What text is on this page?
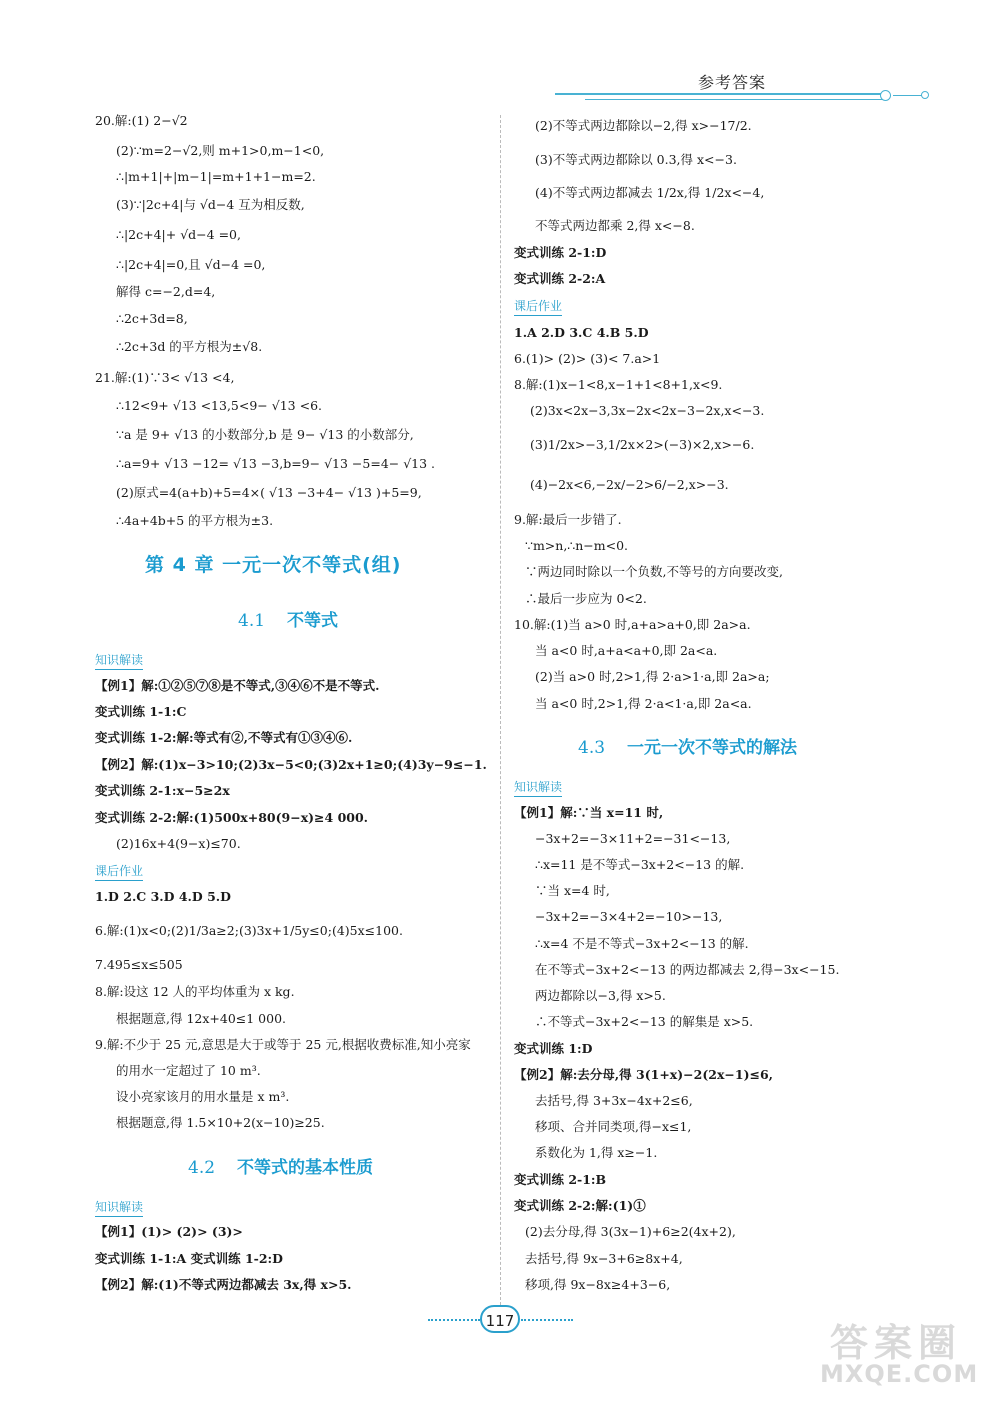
参考答案
20.解:(1) 2−√2
(2)∵m=2−√2,则 m+1>0,m−1<0,
∴|m+1|+|m−1|=m+1+1−m=2.
(3)∵|2c+4|与 √d−4 互为相反数,
∴|2c+4|+ √d−4 =0,
∴|2c+4|=0,且 √d−4 =0,
解得 c=−2,d=4,
∴2c+3d=8,
∴2c+3d 的平方根为±√8.
21.解:(1)∵3< √13 <4,
∴12<9+ √13 <13,5<9− √13 <6.
∵a 是 9+ √13 的小数部分,b 是 9− √13 的小数部分,
∴a=9+ √13 −12= √13 −3,b=9− √13 −5=4− √13 .
(2)原式=4(a+b)+5=4×( √13 −3+4− √13 )+5=9,
∴4a+4b+5 的平方根为±3.
第 4 章 一元一次不等式(组)
4.1 不等式
知识解读
【例1】解:①②⑤⑦⑧是不等式,③④⑥不是不等式.
变式训练 1-1:C
变式训练 1-2:解:等式有②,不等式有①③④⑥.
【例2】解:(1)x−3>10;(2)3x−5<0;(3)2x+1≥0;(4)3y−9≤−1.
变式训练 2-1:x−5≥2x
变式训练 2-2:解:(1)500x+80(9−x)≥4 000.
(2)16x+4(9−x)≤70.
课后作业
1.D 2.C 3.D 4.D 5.D
6.解:(1)x<0;(2)1/3a≥2;(3)3x+1/5y≤0;(4)5x≤100.
7.495≤x≤505
8.解:设这 12 人的平均体重为 x kg.
根据题意,得 12x+40≤1 000.
9.解:不少于 25 元,意思是大于或等于 25 元,根据收费标准,知小亮家
的用水一定超过了 10 m³.
设小亮家该月的用水量是 x m³.
根据题意,得 1.5×10+2(x−10)≥25.
4.2 不等式的基本性质
知识解读
【例1】(1)> (2)> (3)>
变式训练 1-1:A 变式训练 1-2:D
【例2】解:(1)不等式两边都减去 3x,得 x>5.
(2)不等式两边都除以−2,得 x>−17/2.
(3)不等式两边都除以 0.3,得 x<−3.
(4)不等式两边都减去 1/2x,得 1/2x<−4,
不等式两边都乘 2,得 x<−8.
变式训练 2-1:D
变式训练 2-2:A
课后作业
1.A 2.D 3.C 4.B 5.D
6.(1)> (2)> (3)< 7.a>1
8.解:(1)x−1<8,x−1+1<8+1,x<9.
(2)3x<2x−3,3x−2x<2x−3−2x,x<−3.
(3)1/2x>−3,1/2x×2>(−3)×2,x>−6.
(4)−2x<6,−2x/−2>6/−2,x>−3.
9.解:最后一步错了.
∵m>n,∴n−m<0.
∵两边同时除以一个负数,不等号的方向要改变,
∴最后一步应为 0<2.
10.解:(1)当 a>0 时,a+a>a+0,即 2a>a.
当 a<0 时,a+a<a+0,即 2a<a.
(2)当 a>0 时,2>1,得 2·a>1·a,即 2a>a;
当 a<0 时,2>1,得 2·a<1·a,即 2a<a.
4.3 一元一次不等式的解法
知识解读
【例1】解:∵当 x=11 时,
−3x+2=−3×11+2=−31<−13,
∴x=11 是不等式−3x+2<−13 的解.
∵当 x=4 时,
−3x+2=−3×4+2=−10>−13,
∴x=4 不是不等式−3x+2<−13 的解.
在不等式−3x+2<−13 的两边都减去 2,得−3x<−15.
两边都除以−3,得 x>5.
∴不等式−3x+2<−13 的解集是 x>5.
变式训练 1:D
【例2】解:去分母,得 3(1+x)−2(2x−1)≤6,
去括号,得 3+3x−4x+2≤6,
移项、合并同类项,得−x≤1,
系数化为 1,得 x≥−1.
变式训练 2-1:B
变式训练 2-2:解:(1)①
(2)去分母,得 3(3x−1)+6≥2(4x+2),
去括号,得 9x−3+6≥8x+4,
移项,得 9x−8x≥4+3−6,
117	答案圈
MXQE.COM
